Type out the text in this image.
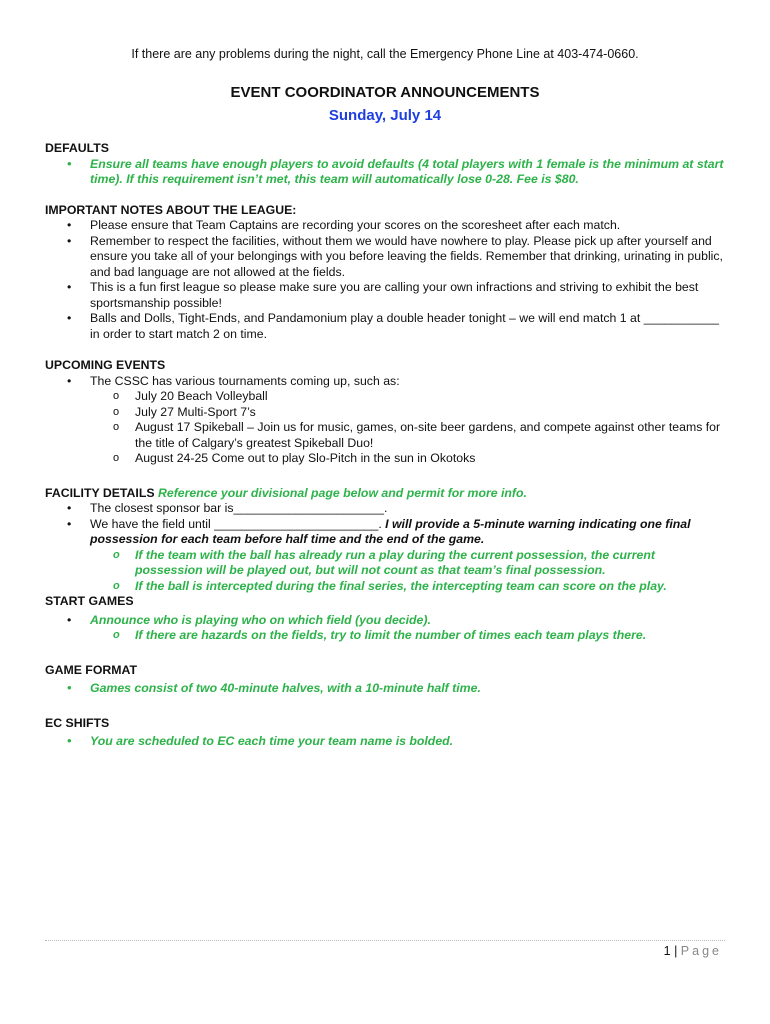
If there are any problems during the night, call the Emergency Phone Line at 403-474-0660.
EVENT COORDINATOR ANNOUNCEMENTS
Sunday, July 14

DEFAULTS

• Ensure all teams have enough players to avoid defaults (4 total players with 1 female is the minimum at start time). If this requirement isn’t met, this team will automatically lose 0-28. Fee is $80.

IMPORTANT NOTES ABOUT THE LEAGUE:

• Please ensure that Team Captains are recording your scores on the scoresheet after each match.
• Remember to respect the facilities, without them we would have nowhere to play. Please pick up after yourself and ensure you take all of your belongings with you before leaving the fields. Remember that drinking, urinating in public, and bad language are not allowed at the fields.
• This is a fun first league so please make sure you are calling your own infractions and striving to exhibit the best sportsmanship possible!
• Balls and Dolls, Tight-Ends, and Pandamonium play a double header tonight – we will end match 1 at ___________ in order to start match 2 on time.

UPCOMING EVENTS

• The CSSC has various tournaments coming up, such as:
o July 20 Beach Volleyball
o July 27 Multi-Sport 7’s
o August 17 Spikeball – Join us for music, games, on-site beer gardens, and compete against other teams for the title of Calgary’s greatest Spikeball Duo!
o August 24-25 Come out to play Slo-Pitch in the sun in Okotoks

FACILITY DETAILS Reference your divisional page below and permit for more info.

• The closest sponsor bar is______________________.
• We have the field until ________________________. I will provide a 5-minute warning indicating one final possession for each team before half time and the end of the game.
o If the team with the ball has already run a play during the current possession, the current possession will be played out, but will not count as that team’s final possession.
o If the ball is intercepted during the final series, the intercepting team can score on the play.

START GAMES

• Announce who is playing who on which field (you decide).
o If there are hazards on the fields, try to limit the number of times each team plays there.

GAME FORMAT

• Games consist of two 40-minute halves, with a 10-minute half time.

EC SHIFTS

• You are scheduled to EC each time your team name is bolded.
1 | Page
